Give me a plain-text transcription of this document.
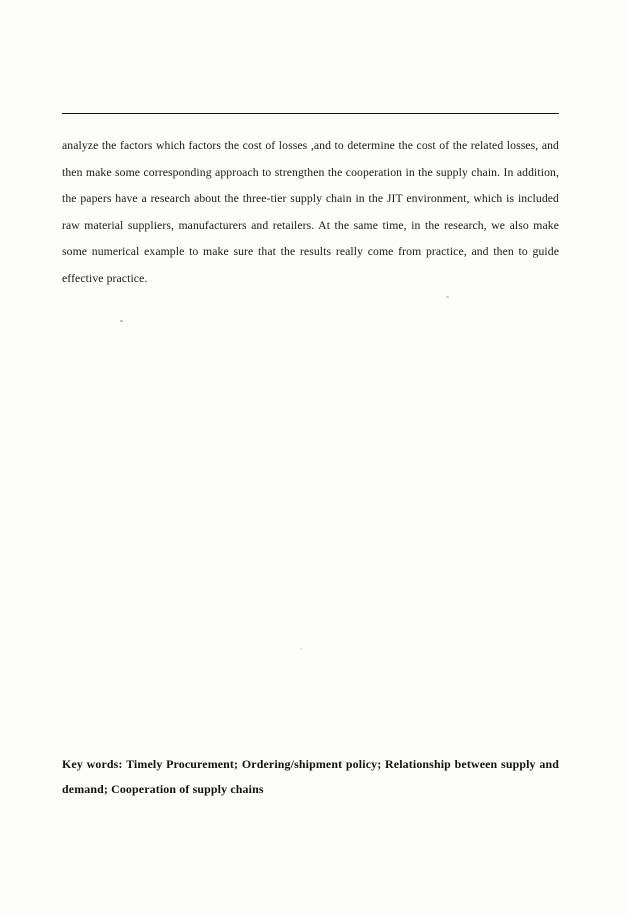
analyze the factors which factors the cost of losses ,and to determine the cost of the related losses, and then make some corresponding approach to strengthen the cooperation in the supply chain. In addition, the papers have a research about the three-tier supply chain in the JIT environment, which is included raw material suppliers, manufacturers and retailers. At the same time, in the research, we also make some numerical example to make sure that the results really come from practice, and then to guide effective practice.
Key words: Timely Procurement; Ordering/shipment policy; Relationship between supply and demand; Cooperation of supply chains
